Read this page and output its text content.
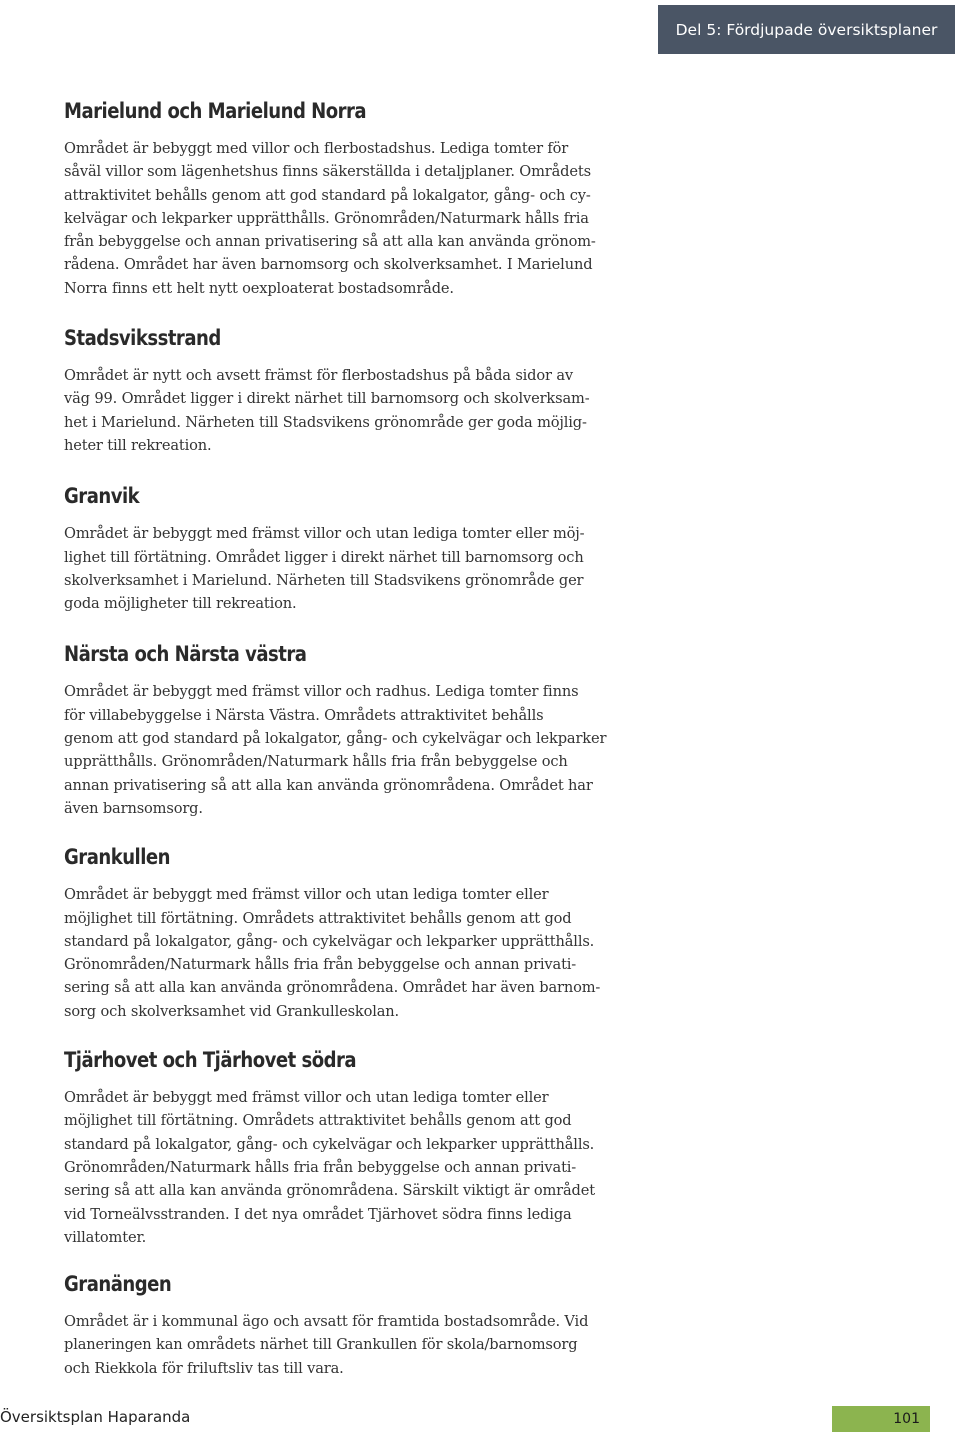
Del 5: Fördjupade översiktsplaner
Marielund och Marielund Norra

Området är bebyggt med villor och flerbostadshus. Lediga tomter för
såväl villor som lägenhetshus finns säkerställda i detaljplaner. Områdets
attraktivitet behålls genom att god standard på lokalgator, gång- och cy-
kelvägar och lekparker upprätthålls. Grönområden/Naturmark hålls fria
från bebyggelse och annan privatisering så att alla kan använda grönom-
rådena. Området har även barnomsorg och skolverksamhet. I Marielund
Norra finns ett helt nytt oexploaterat bostadsområde.

Stadsviksstrand

Området är nytt och avsett främst för flerbostadshus på båda sidor av
väg 99. Området ligger i direkt närhet till barnomsorg och skolverksam-
het i Marielund. Närheten till Stadsvikens grönområde ger goda möjlig-
heter till rekreation.

Granvik

Området är bebyggt med främst villor och utan lediga tomter eller möj-
lighet till förtätning. Området ligger i direkt närhet till barnomsorg och
skolverksamhet i Marielund. Närheten till Stadsvikens grönområde ger
goda möjligheter till rekreation.

Närsta och Närsta västra

Området är bebyggt med främst villor och radhus. Lediga tomter finns
för villabebyggelse i Närsta Västra. Områdets attraktivitet behålls
genom att god standard på lokalgator, gång- och cykelvägar och lekparker
upprätthålls. Grönområden/Naturmark hålls fria från bebyggelse och
annan privatisering så att alla kan använda grönområdena. Området har
även barnsomsorg.

Grankullen

Området är bebyggt med främst villor och utan lediga tomter eller
möjlighet till förtätning. Områdets attraktivitet behålls genom att god
standard på lokalgator, gång- och cykelvägar och lekparker upprätthålls.
Grönområden/Naturmark hålls fria från bebyggelse och annan privati-
sering så att alla kan använda grönområdena. Området har även barnom-
sorg och skolverksamhet vid Grankulleskolan.

Tjärhovet och Tjärhovet södra

Området är bebyggt med främst villor och utan lediga tomter eller
möjlighet till förtätning. Områdets attraktivitet behålls genom att god
standard på lokalgator, gång- och cykelvägar och lekparker upprätthålls.
Grönområden/Naturmark hålls fria från bebyggelse och annan privati-
sering så att alla kan använda grönområdena. Särskilt viktigt är området
vid Torneälvsstranden. I det nya området Tjärhovet södra finns lediga
villatomter.

Granängen

Området är i kommunal ägo och avsatt för framtida bostadsområde. Vid
planeringen kan områdets närhet till Grankullen för skola/barnomsorg
och Riekkola för friluftsliv tas till vara.

Översiktsplan Haparanda	101
